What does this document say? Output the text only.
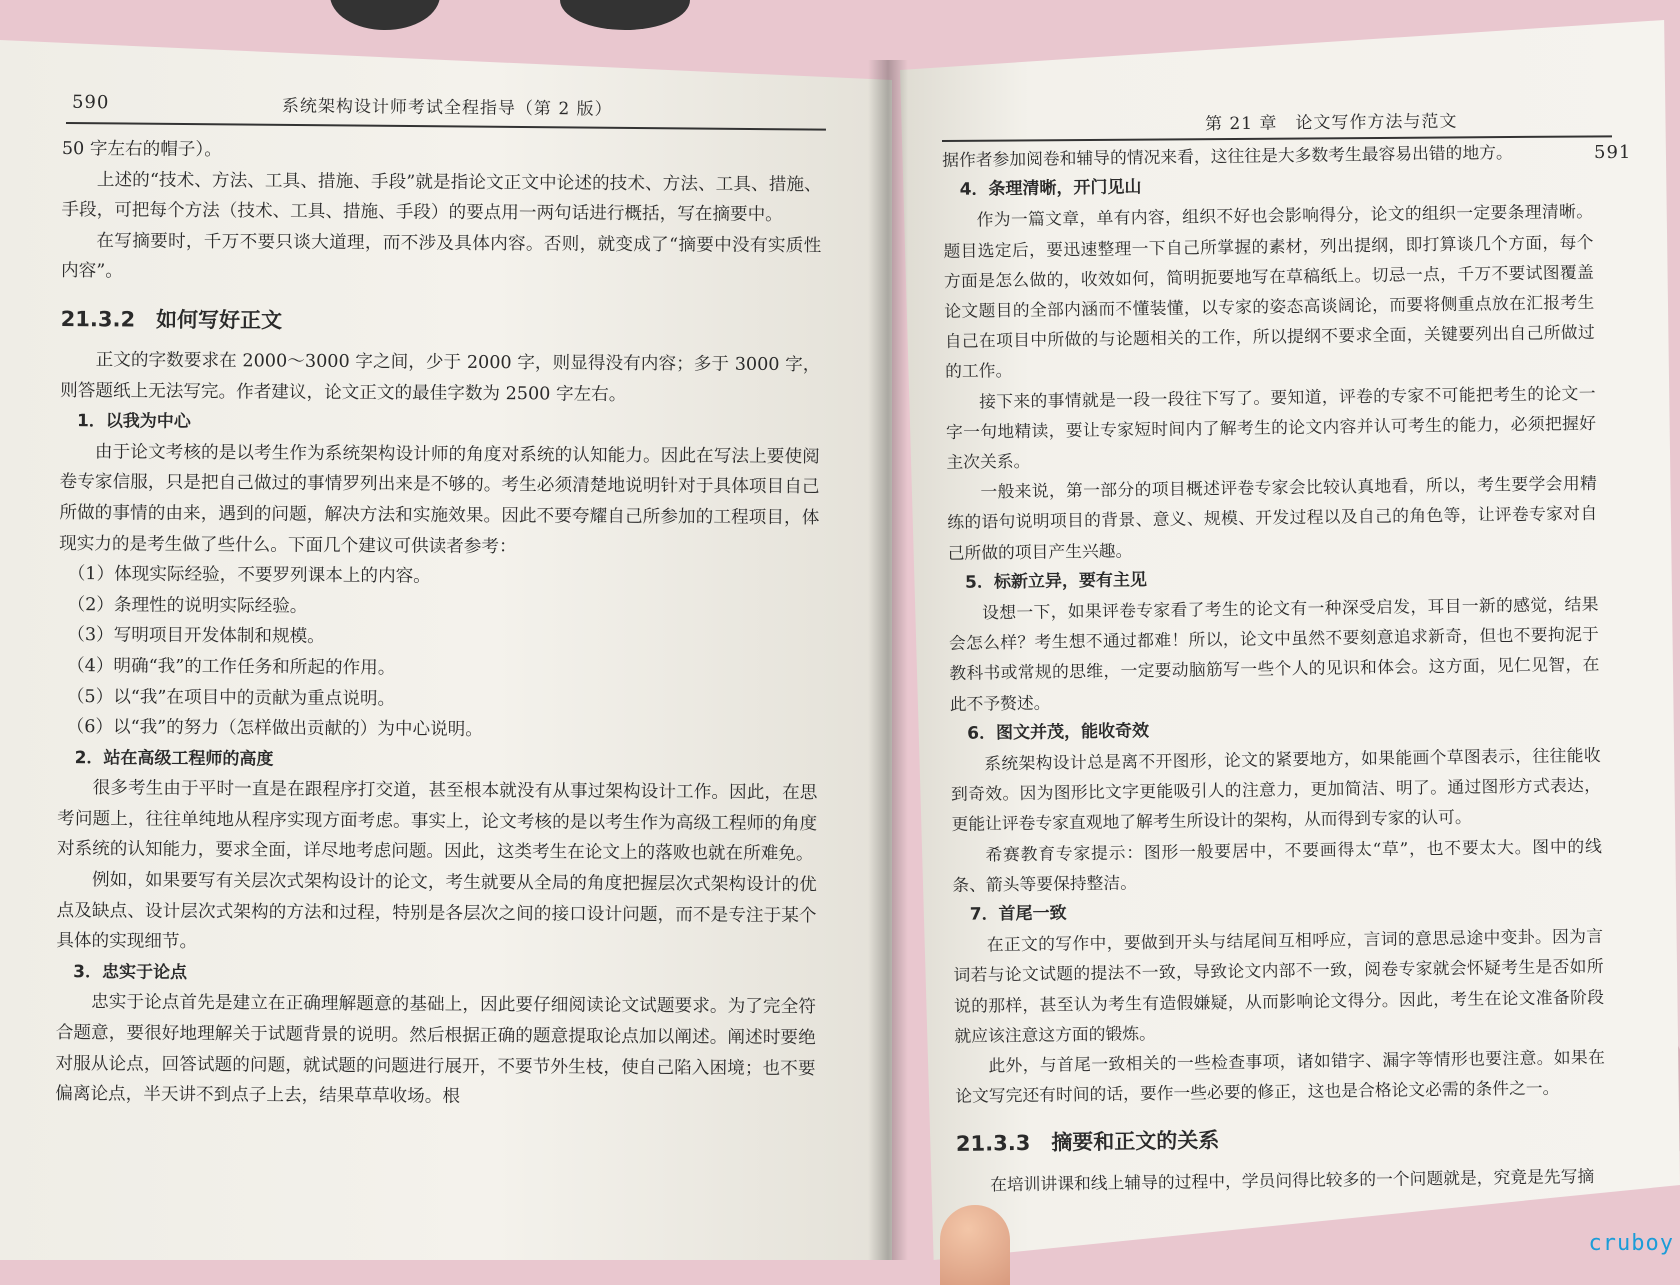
590	系统架构设计师考试全程指导（第 2 版）
第 21 章　论文写作方法与范文
591

50 字左右的帽子）。

上述的“技术、方法、工具、措施、手段”就是指论文正文中论述的技术、方法、工具、措施、手段，可把每个方法（技术、工具、措施、手段）的要点用一两句话进行概括，写在摘要中。

在写摘要时，千万不要只谈大道理，而不涉及具体内容。否则，就变成了“摘要中没有实质性内容”。

21.3.2　如何写好正文

正文的字数要求在 2000～3000 字之间，少于 2000 字，则显得没有内容；多于 3000 字，则答题纸上无法写完。作者建议，论文正文的最佳字数为 2500 字左右。

1．以我为中心

由于论文考核的是以考生作为系统架构设计师的角度对系统的认知能力。因此在写法上要使阅卷专家信服，只是把自己做过的事情罗列出来是不够的。考生必须清楚地说明针对于具体项目自己所做的事情的由来，遇到的问题，解决方法和实施效果。因此不要夸耀自己所参加的工程项目，体现实力的是考生做了些什么。下面几个建议可供读者参考：

（1）体现实际经验，不要罗列课本上的内容。

（2）条理性的说明实际经验。

（3）写明项目开发体制和规模。

（4）明确“我”的工作任务和所起的作用。

（5）以“我”在项目中的贡献为重点说明。

（6）以“我”的努力（怎样做出贡献的）为中心说明。

2．站在高级工程师的高度

很多考生由于平时一直是在跟程序打交道，甚至根本就没有从事过架构设计工作。因此，在思考问题上，往往单纯地从程序实现方面考虑。事实上，论文考核的是以考生作为高级工程师的角度对系统的认知能力，要求全面，详尽地考虑问题。因此，这类考生在论文上的落败也就在所难免。

例如，如果要写有关层次式架构设计的论文，考生就要从全局的角度把握层次式架构设计的优点及缺点、设计层次式架构的方法和过程，特别是各层次之间的接口设计问题，而不是专注于某个具体的实现细节。

3．忠实于论点

忠实于论点首先是建立在正确理解题意的基础上，因此要仔细阅读论文试题要求。为了完全符合题意，要很好地理解关于试题背景的说明。然后根据正确的题意提取论点加以阐述。阐述时要绝对服从论点，回答试题的问题，就试题的问题进行展开，不要节外生枝，使自己陷入困境；也不要偏离论点，半天讲不到点子上去，结果草草收场。根

据作者参加阅卷和辅导的情况来看，这往往是大多数考生最容易出错的地方。

4．条理清晰，开门见山

作为一篇文章，单有内容，组织不好也会影响得分，论文的组织一定要条理清晰。题目选定后，要迅速整理一下自己所掌握的素材，列出提纲，即打算谈几个方面，每个方面是怎么做的，收效如何，简明扼要地写在草稿纸上。切忌一点，千万不要试图覆盖论文题目的全部内涵而不懂装懂，以专家的姿态高谈阔论，而要将侧重点放在汇报考生自己在项目中所做的与论题相关的工作，所以提纲不要求全面，关键要列出自己所做过的工作。

接下来的事情就是一段一段往下写了。要知道，评卷的专家不可能把考生的论文一字一句地精读，要让专家短时间内了解考生的论文内容并认可考生的能力，必须把握好主次关系。

一般来说，第一部分的项目概述评卷专家会比较认真地看，所以，考生要学会用精练的语句说明项目的背景、意义、规模、开发过程以及自己的角色等，让评卷专家对自己所做的项目产生兴趣。

5．标新立异，要有主见

设想一下，如果评卷专家看了考生的论文有一种深受启发，耳目一新的感觉，结果会怎么样？考生想不通过都难！所以，论文中虽然不要刻意追求新奇，但也不要拘泥于教科书或常规的思维，一定要动脑筋写一些个人的见识和体会。这方面，见仁见智，在此不予赘述。

6．图文并茂，能收奇效

系统架构设计总是离不开图形，论文的紧要地方，如果能画个草图表示，往往能收到奇效。因为图形比文字更能吸引人的注意力，更加简洁、明了。通过图形方式表达，更能让评卷专家直观地了解考生所设计的架构，从而得到专家的认可。

希赛教育专家提示：图形一般要居中，不要画得太“草”，也不要太大。图中的线条、箭头等要保持整洁。

7．首尾一致

在正文的写作中，要做到开头与结尾间互相呼应，言词的意思忌途中变卦。因为言词若与论文试题的提法不一致，导致论文内部不一致，阅卷专家就会怀疑考生是否如所说的那样，甚至认为考生有造假嫌疑，从而影响论文得分。因此，考生在论文准备阶段就应该注意这方面的锻炼。

此外，与首尾一致相关的一些检查事项，诸如错字、漏字等情形也要注意。如果在论文写完还有时间的话，要作一些必要的修正，这也是合格论文必需的条件之一。

21.3.3　摘要和正文的关系

在培训讲课和线上辅导的过程中，学员问得比较多的一个问题就是，究竟是先写摘

cruboy
